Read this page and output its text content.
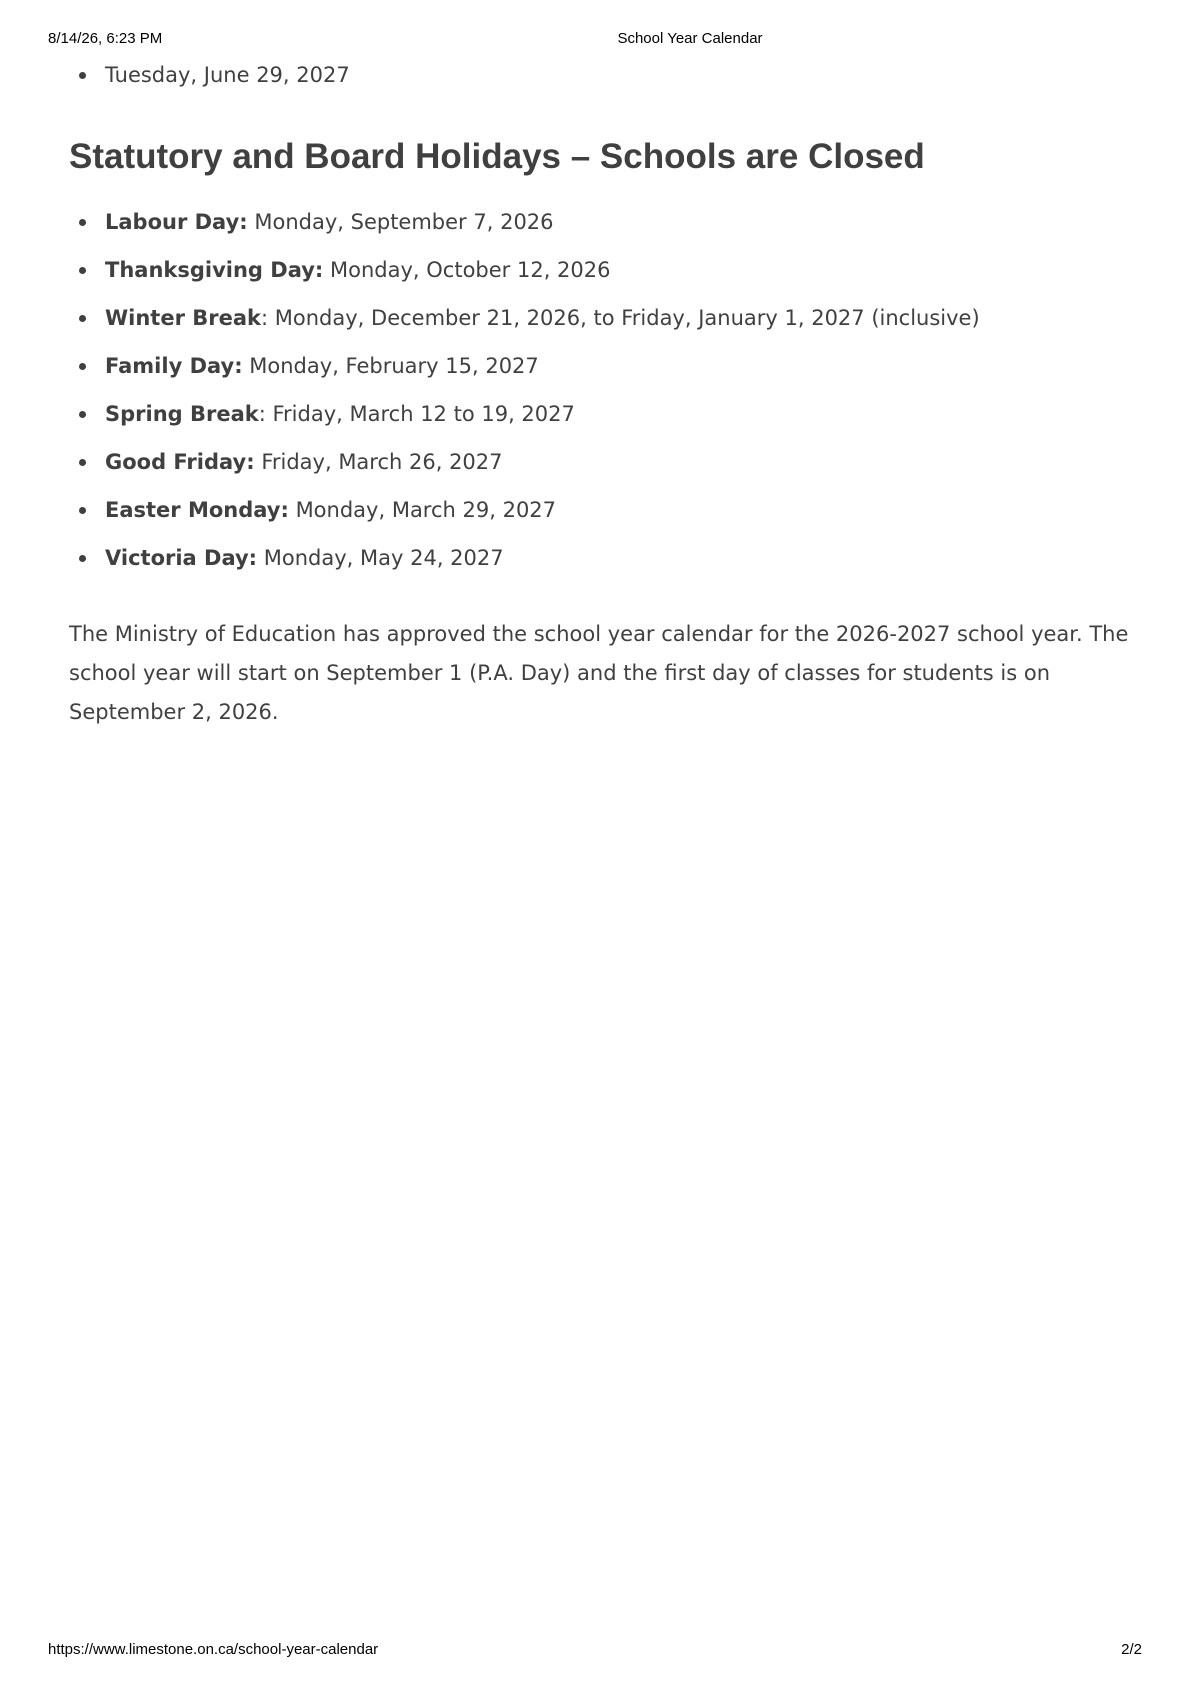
8/14/26, 6:23 PM	School Year Calendar
Tuesday, June 29, 2027
Statutory and Board Holidays – Schools are Closed
Labour Day: Monday, September 7, 2026
Thanksgiving Day: Monday, October 12, 2026
Winter Break: Monday, December 21, 2026, to Friday, January 1, 2027 (inclusive)
Family Day: Monday, February 15, 2027
Spring Break: Friday, March 12 to 19, 2027
Good Friday: Friday, March 26, 2027
Easter Monday: Monday, March 29, 2027
Victoria Day: Monday, May 24, 2027

The Ministry of Education has approved the school year calendar for the 2026-2027 school year. The school year will start on September 1 (P.A. Day) and the first day of classes for students is on September 2, 2026.

https://www.limestone.on.ca/school-year-calendar	2/2
